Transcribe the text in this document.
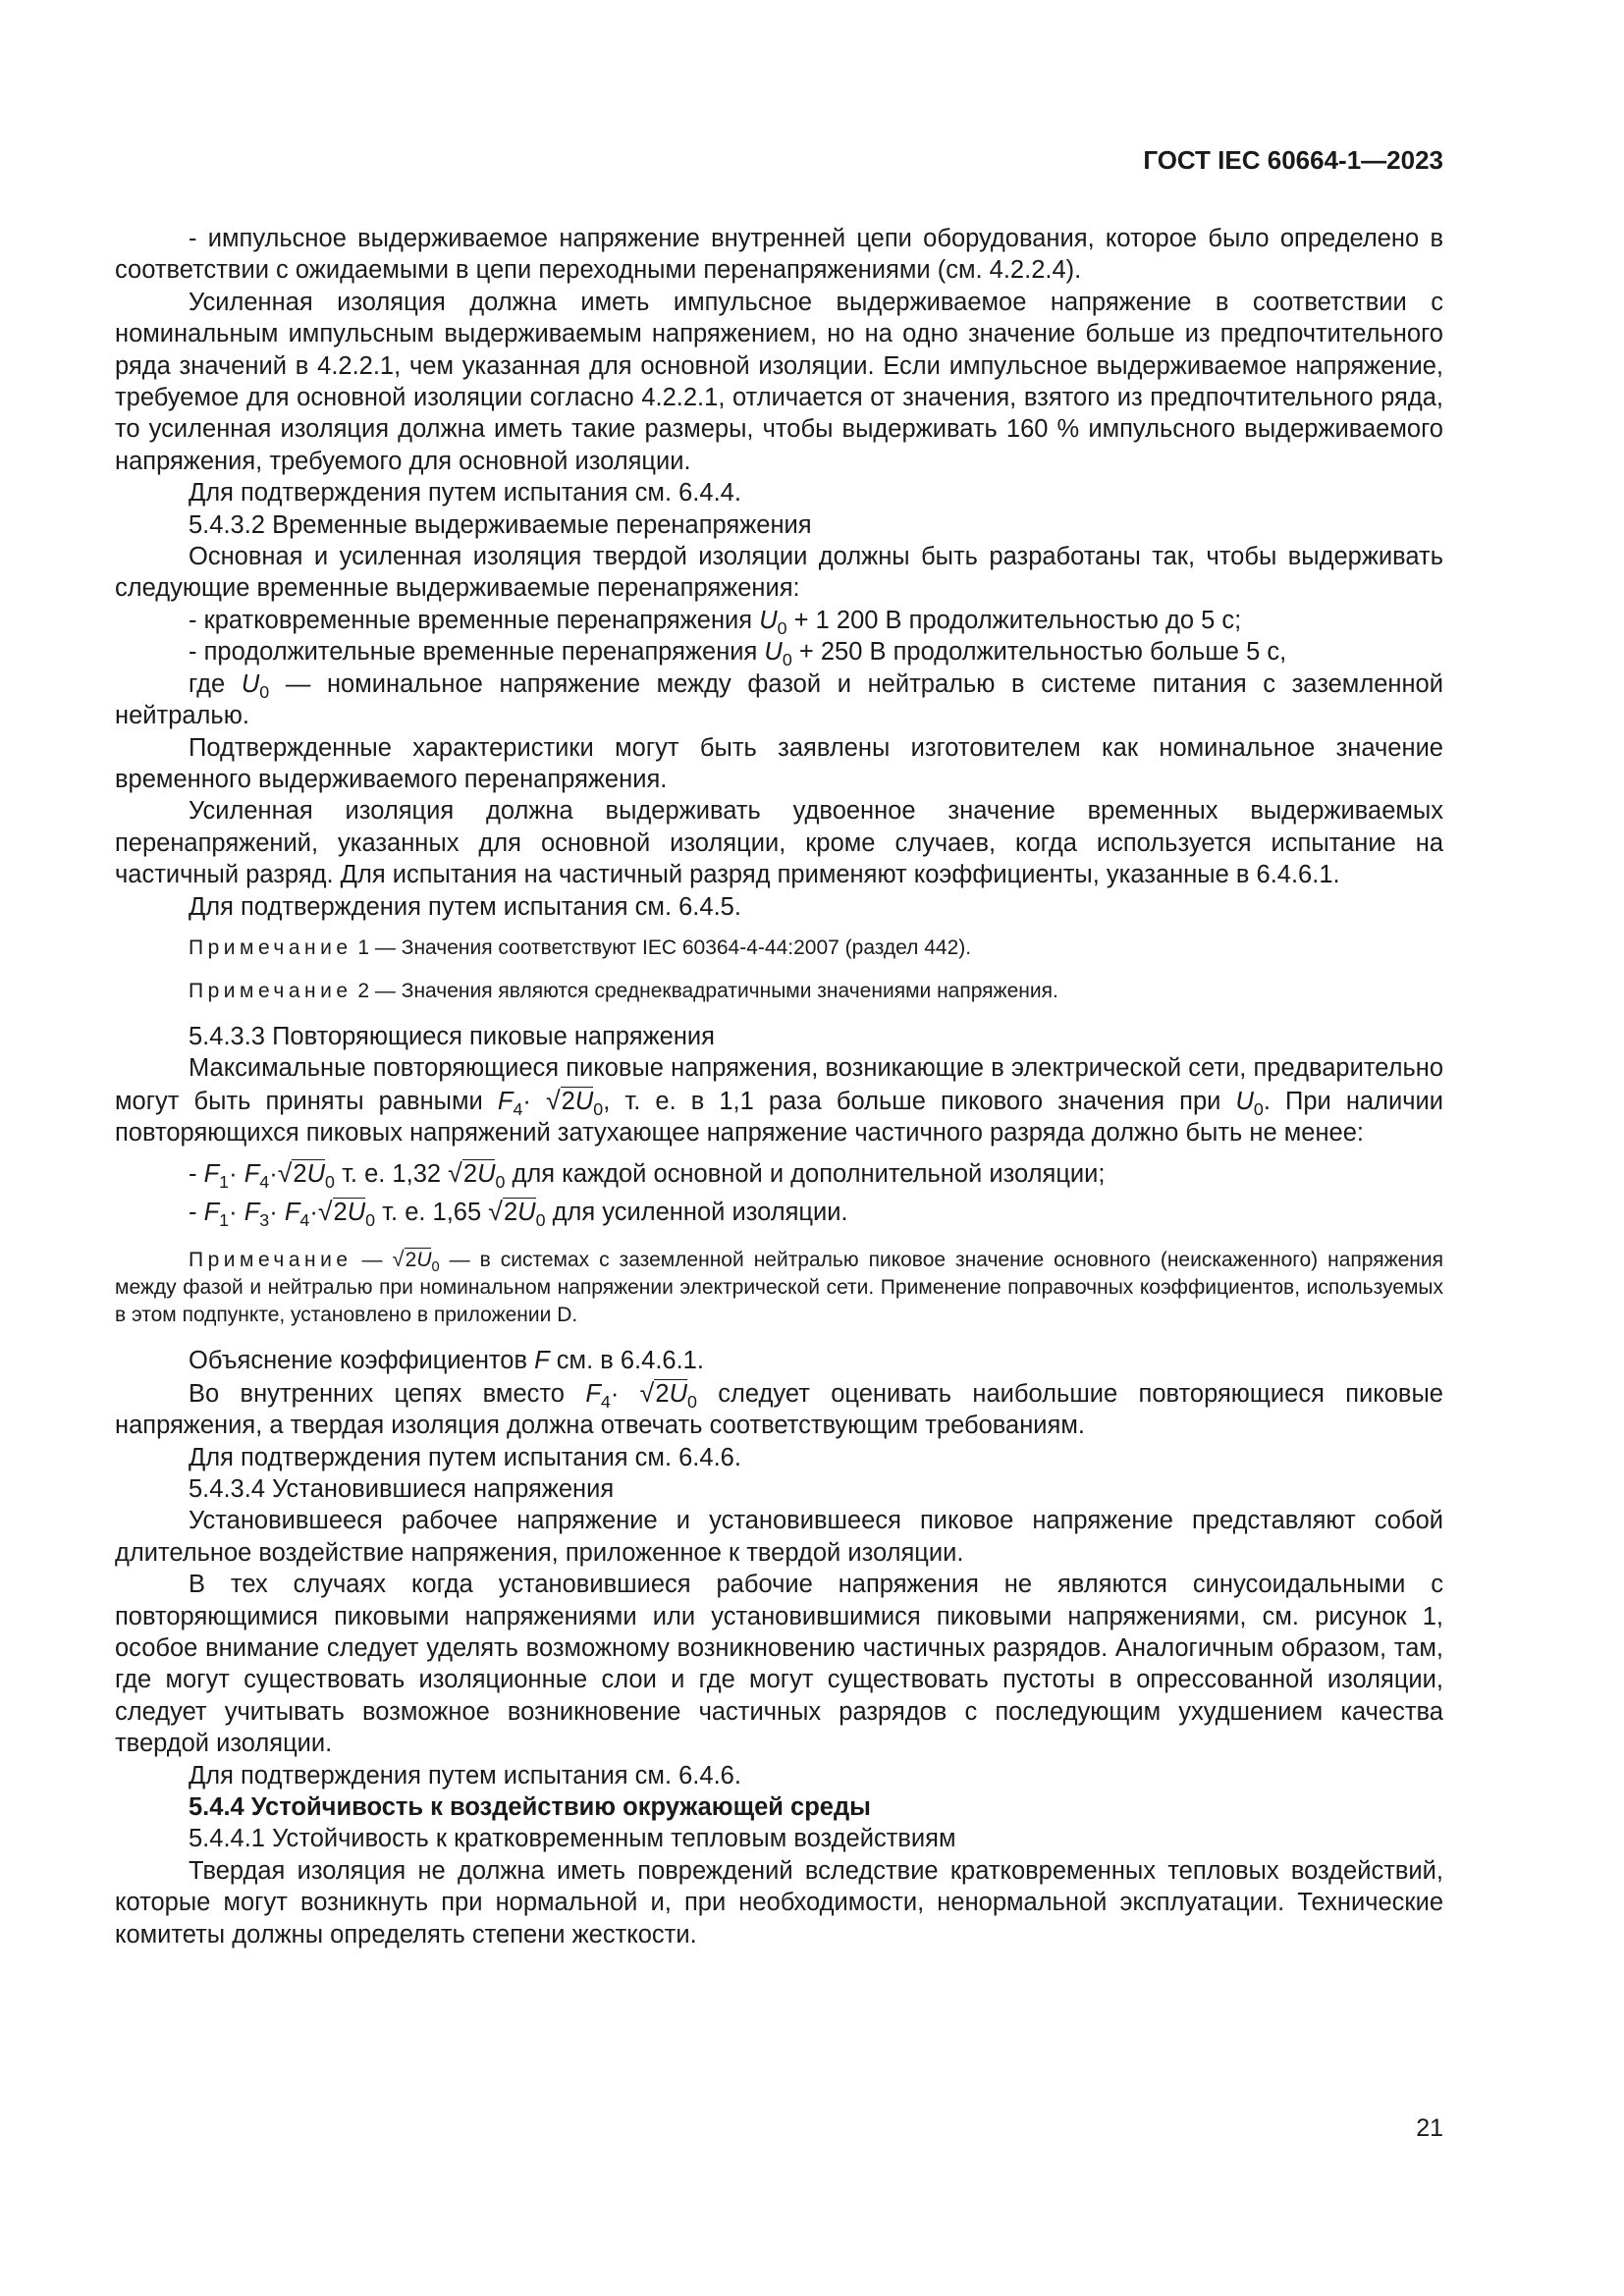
ГОСТ IEC 60664-1—2023

- импульсное выдерживаемое напряжение внутренней цепи оборудования, которое было определено в соответствии с ожидаемыми в цепи переходными перенапряжениями (см. 4.2.2.4).

Усиленная изоляция должна иметь импульсное выдерживаемое напряжение в соответствии с номинальным импульсным выдерживаемым напряжением, но на одно значение больше из предпочтительного ряда значений в 4.2.2.1, чем указанная для основной изоляции. Если импульсное выдерживаемое напряжение, требуемое для основной изоляции согласно 4.2.2.1, отличается от значения, взятого из предпочтительного ряда, то усиленная изоляция должна иметь такие размеры, чтобы выдерживать 160 % импульсного выдерживаемого напряжения, требуемого для основной изоляции.

Для подтверждения путем испытания см. 6.4.4.

5.4.3.2 Временные выдерживаемые перенапряжения

Основная и усиленная изоляция твердой изоляции должны быть разработаны так, чтобы выдерживать следующие временные выдерживаемые перенапряжения:

- кратковременные временные перенапряжения $U_0 + 1$ 200 В продолжительностью до 5 с;

- продолжительные временные перенапряжения $U_0 + 250$ В продолжительностью больше 5 с,

где $U_0$ — номинальное напряжение между фазой и нейтралью в системе питания с заземленной нейтралью.

Подтвержденные характеристики могут быть заявлены изготовителем как номинальное значение временного выдерживаемого перенапряжения.

Усиленная изоляция должна выдерживать удвоенное значение временных выдерживаемых перенапряжений, указанных для основной изоляции, кроме случаев, когда используется испытание на частичный разряд. Для испытания на частичный разряд применяют коэффициенты, указанные в 6.4.6.1.

Для подтверждения путем испытания см. 6.4.5.

Примечание 1 — Значения соответствуют IEC 60364-4-44:2007 (раздел 442).

Примечание 2 — Значения являются среднеквадратичными значениями напряжения.

5.4.3.3 Повторяющиеся пиковые напряжения

Максимальные повторяющиеся пиковые напряжения, возникающие в электрической сети, предварительно могут быть приняты равными $F_4\cdot √2U_0$, т. е. в 1,1 раза больше пикового значения при $U_0$. При наличии повторяющихся пиковых напряжений затухающее напряжение частичного разряда должно быть не менее:

- $F_1\cdot F_4\cdot√2U_0$ т. е. 1,32 $√2U_0$ для каждой основной и дополнительной изоляции;

- $F_1\cdot F_3\cdot F_4\cdot√2U_0$ т. е. 1,65 $√2U_0$ для усиленной изоляции.

Примечание — $√2U_0$ — в системах с заземленной нейтралью пиковое значение основного (неискаженного) напряжения между фазой и нейтралью при номинальном напряжении электрической сети. Применение поправочных коэффициентов, используемых в этом подпункте, установлено в приложении D.

Объяснение коэффициентов F см. в 6.4.6.1.

Во внутренних цепях вместо $F_4\cdot √2U_0$ следует оценивать наибольшие повторяющиеся пиковые напряжения, а твердая изоляция должна отвечать соответствующим требованиям.

Для подтверждения путем испытания см. 6.4.6.

5.4.3.4 Установившиеся напряжения

Установившееся рабочее напряжение и установившееся пиковое напряжение представляют собой длительное воздействие напряжения, приложенное к твердой изоляции.

В тех случаях когда установившиеся рабочие напряжения не являются синусоидальными с повторяющимися пиковыми напряжениями или установившимися пиковыми напряжениями, см. рисунок 1, особое внимание следует уделять возможному возникновению частичных разрядов. Аналогичным образом, там, где могут существовать изоляционные слои и где могут существовать пустоты в опрессованной изоляции, следует учитывать возможное возникновение частичных разрядов с последующим ухудшением качества твердой изоляции.

Для подтверждения путем испытания см. 6.4.6.

5.4.4 Устойчивость к воздействию окружающей среды

5.4.4.1 Устойчивость к кратковременным тепловым воздействиям

Твердая изоляция не должна иметь повреждений вследствие кратковременных тепловых воздействий, которые могут возникнуть при нормальной и, при необходимости, ненормальной эксплуатации. Технические комитеты должны определять степени жесткости.

21
